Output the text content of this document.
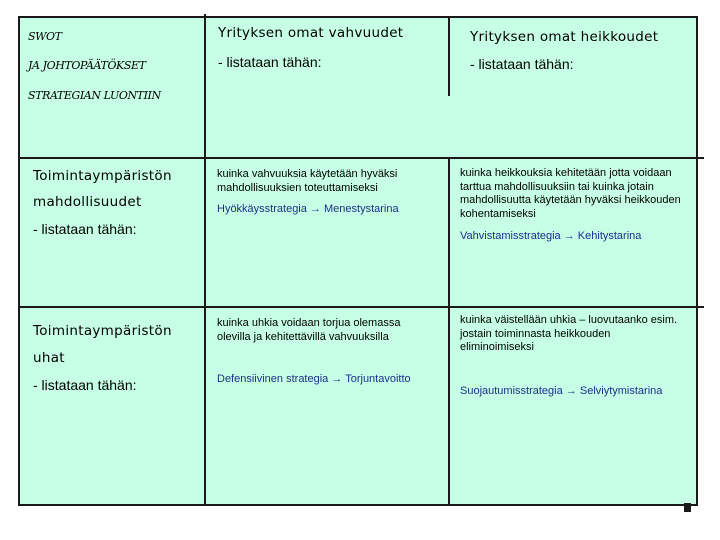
SWOT
JA JOHTOPÄÄTÖKSET
STRATEGIAN LUONTIIN
Yrityksen omat vahvuudet
- listataan tähän:
Yrityksen omat heikkoudet
- listataan tähän:
Toimintaympäristön
mahdollisuudet
- listataan tähän:
Toimintaympäristön
uhat
- listataan tähän:
kuinka vahvuuksia käytetään hyväksi mahdollisuuksien toteuttamiseksi
Hyökkäysstrategia → Menestystarina
kuinka heikkouksia kehitetään jotta voidaan tarttua mahdollisuuksiin tai kuinka jotain mahdollisuutta käytetään hyväksi heikkouden kohentamiseksi
Vahvistamisstrategia → Kehitystarina
kuinka uhkia voidaan torjua olemassa olevilla ja kehitettävillä vahvuuksilla
Defensiivinen strategia → Torjuntavoitto
kuinka väistellään uhkia – luovutaanko esim. jostain toiminnasta heikkouden eliminoimiseksi
Suojautumisstrategia → Selviytymistarina
